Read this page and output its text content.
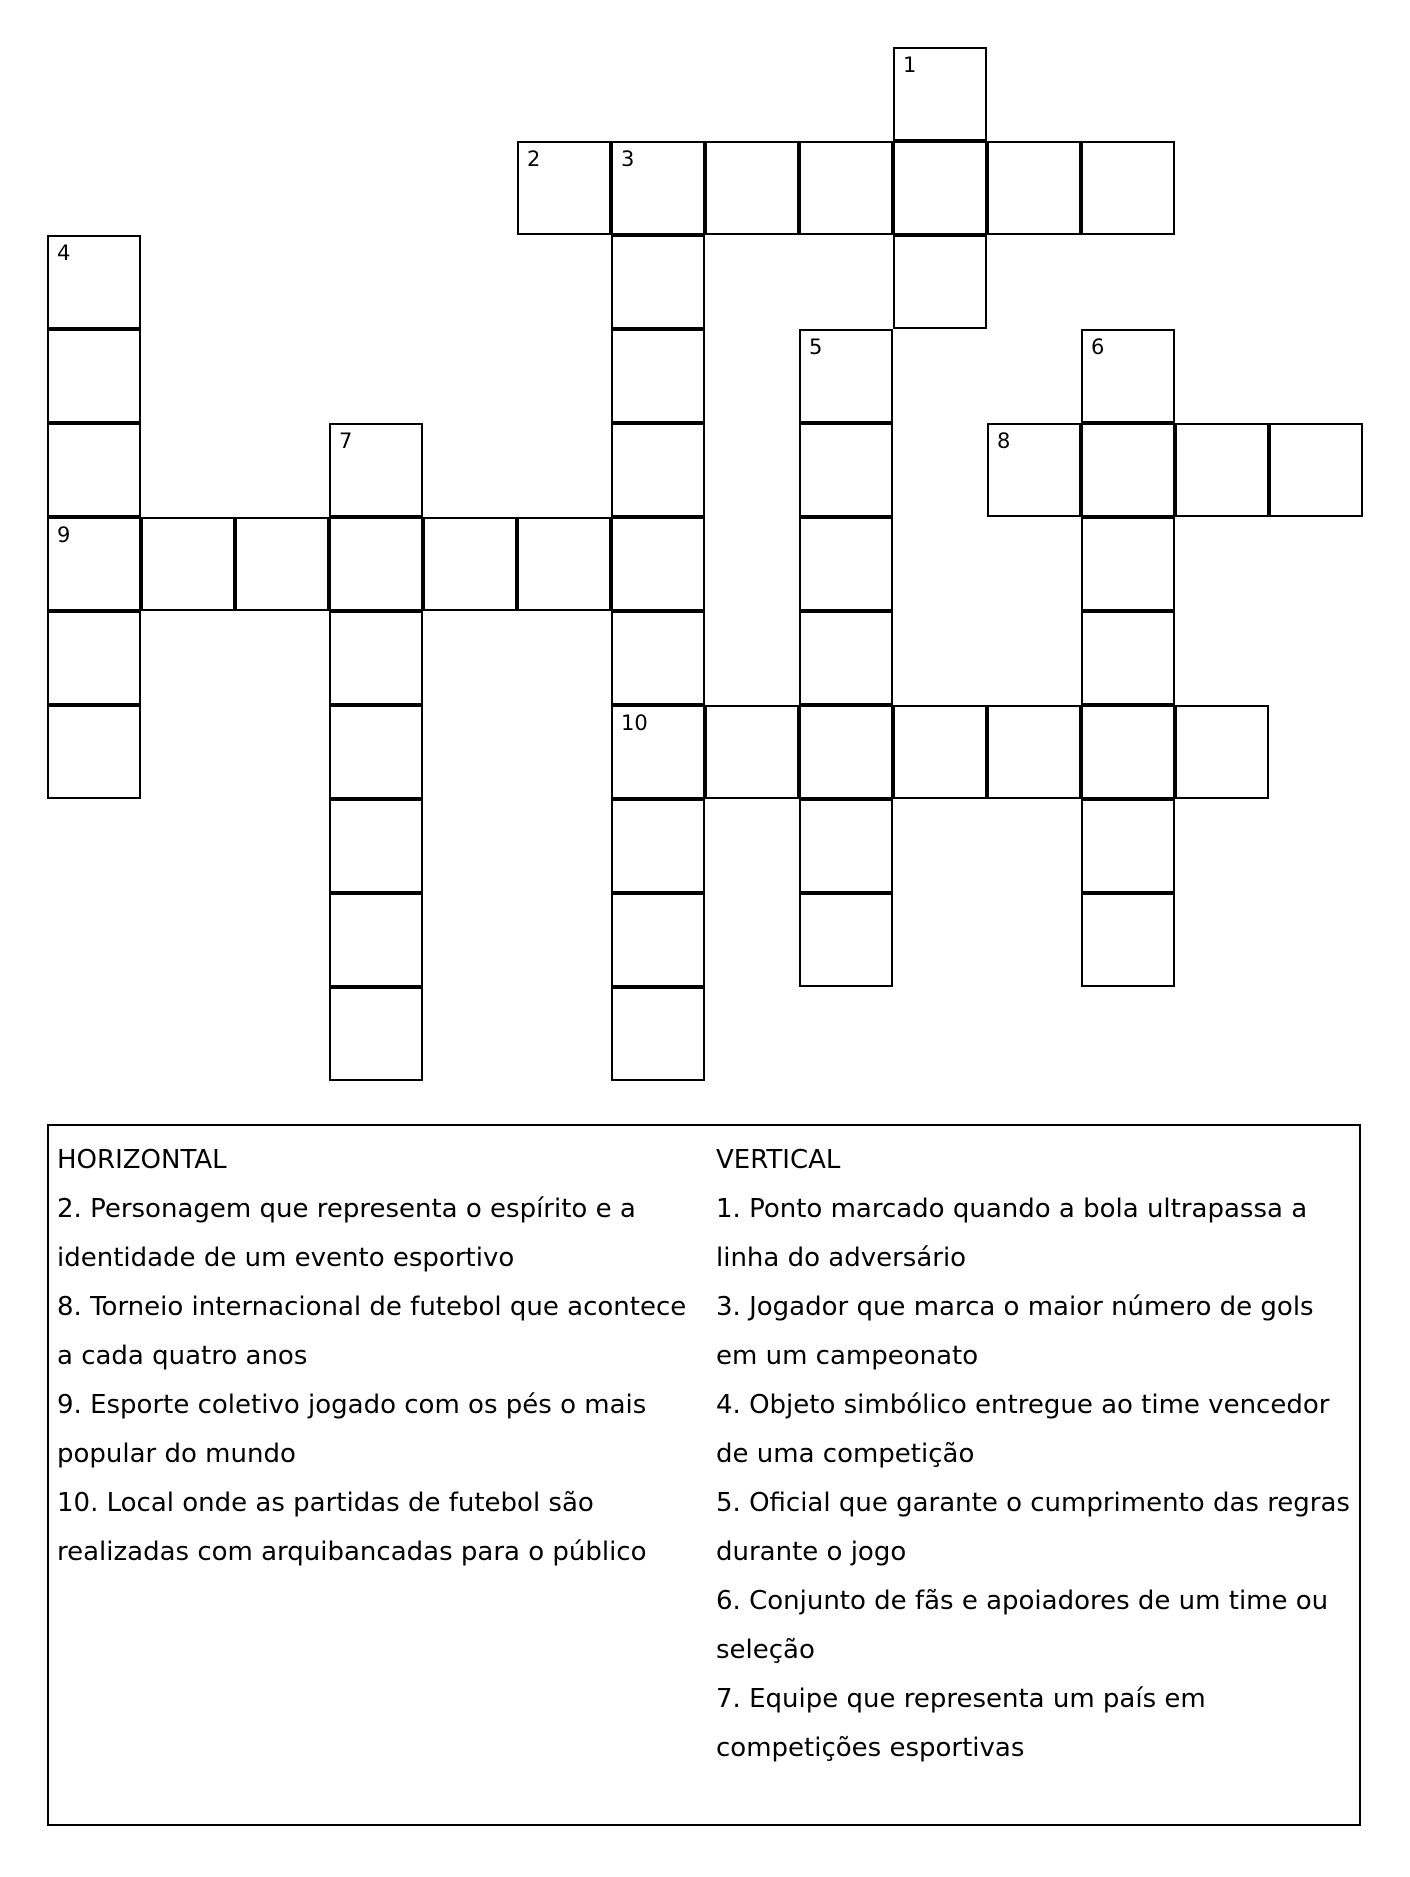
1
2	3
4
5	6
7	8
9
10
HORIZONTAL
2. Personagem que representa o espírito e a identidade de um evento esportivo
8. Torneio internacional de futebol que acontece a cada quatro anos
9. Esporte coletivo jogado com os pés o mais popular do mundo
10. Local onde as partidas de futebol são realizadas com arquibancadas para o público
VERTICAL
1. Ponto marcado quando a bola ultrapassa a linha do adversário
3. Jogador que marca o maior número de gols em um campeonato
4. Objeto simbólico entregue ao time vencedor de uma competição
5. Oficial que garante o cumprimento das regras durante o jogo
6. Conjunto de fãs e apoiadores de um time ou seleção
7. Equipe que representa um país em competições esportivas
